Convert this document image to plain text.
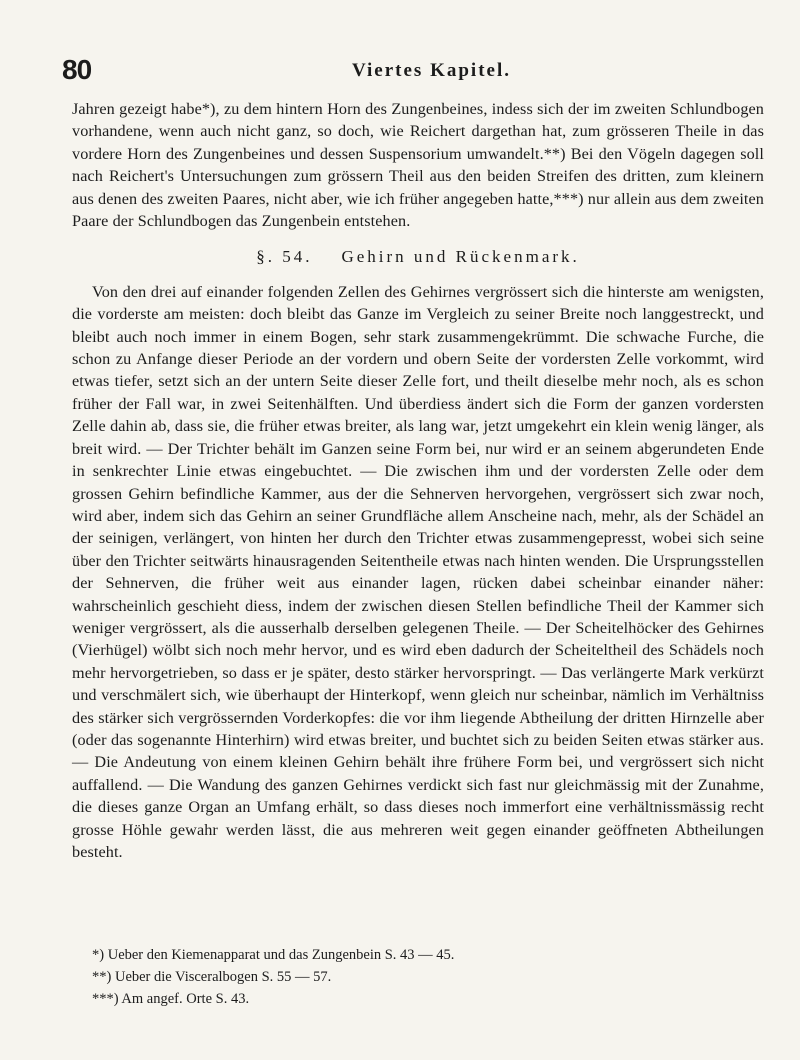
80	Viertes Kapitel.

Jahren gezeigt habe*), zu dem hintern Horn des Zungenbeines, indess sich der im zweiten Schlundbogen vorhandene, wenn auch nicht ganz, so doch, wie Reichert dargethan hat, zum grösseren Theile in das vordere Horn des Zungenbeines und dessen Suspensorium umwandelt.**) Bei den Vögeln dagegen soll nach Reichert's Untersuchungen zum grössern Theil aus den beiden Streifen des dritten, zum kleinern aus denen des zweiten Paares, nicht aber, wie ich früher angegeben hatte,***) nur allein aus dem zweiten Paare der Schlundbogen das Zungenbein entstehen.

§. 54. Gehirn und Rückenmark.

Von den drei auf einander folgenden Zellen des Gehirnes vergrössert sich die hinterste am wenigsten, die vorderste am meisten: doch bleibt das Ganze im Vergleich zu seiner Breite noch langgestreckt, und bleibt auch noch immer in einem Bogen, sehr stark zusammengekrümmt. Die schwache Furche, die schon zu Anfange dieser Periode an der vordern und obern Seite der vordersten Zelle vorkommt, wird etwas tiefer, setzt sich an der untern Seite dieser Zelle fort, und theilt dieselbe mehr noch, als es schon früher der Fall war, in zwei Seitenhälften. Und überdiess ändert sich die Form der ganzen vordersten Zelle dahin ab, dass sie, die früher etwas breiter, als lang war, jetzt umgekehrt ein klein wenig länger, als breit wird. — Der Trichter behält im Ganzen seine Form bei, nur wird er an seinem abgerundeten Ende in senkrechter Linie etwas eingebuchtet. — Die zwischen ihm und der vordersten Zelle oder dem grossen Gehirn befindliche Kammer, aus der die Sehnerven hervorgehen, vergrössert sich zwar noch, wird aber, indem sich das Gehirn an seiner Grundfläche allem Anscheine nach, mehr, als der Schädel an der seinigen, verlängert, von hinten her durch den Trichter etwas zusammengepresst, wobei sich seine über den Trichter seitwärts hinausragenden Seitentheile etwas nach hinten wenden. Die Ursprungsstellen der Sehnerven, die früher weit aus einander lagen, rücken dabei scheinbar einander näher: wahrscheinlich geschieht diess, indem der zwischen diesen Stellen befindliche Theil der Kammer sich weniger vergrössert, als die ausserhalb derselben gelegenen Theile. — Der Scheitelhöcker des Gehirnes (Vierhügel) wölbt sich noch mehr hervor, und es wird eben dadurch der Scheiteltheil des Schädels noch mehr hervorgetrieben, so dass er je später, desto stärker hervorspringt. — Das verlängerte Mark verkürzt und verschmälert sich, wie überhaupt der Hinterkopf, wenn gleich nur scheinbar, nämlich im Verhältniss des stärker sich vergrössernden Vorderkopfes: die vor ihm liegende Abtheilung der dritten Hirnzelle aber (oder das sogenannte Hinterhirn) wird etwas breiter, und buchtet sich zu beiden Seiten etwas stärker aus. — Die Andeutung von einem kleinen Gehirn behält ihre frühere Form bei, und vergrössert sich nicht auffallend. — Die Wandung des ganzen Gehirnes verdickt sich fast nur gleichmässig mit der Zunahme, die dieses ganze Organ an Umfang erhält, so dass dieses noch immerfort eine verhältnissmässig recht grosse Höhle gewahr werden lässt, die aus mehreren weit gegen einander geöffneten Abtheilungen besteht.

*) Ueber den Kiemenapparat und das Zungenbein S. 43 — 45.

**) Ueber die Visceralbogen S. 55 — 57.

***) Am angef. Orte S. 43.
